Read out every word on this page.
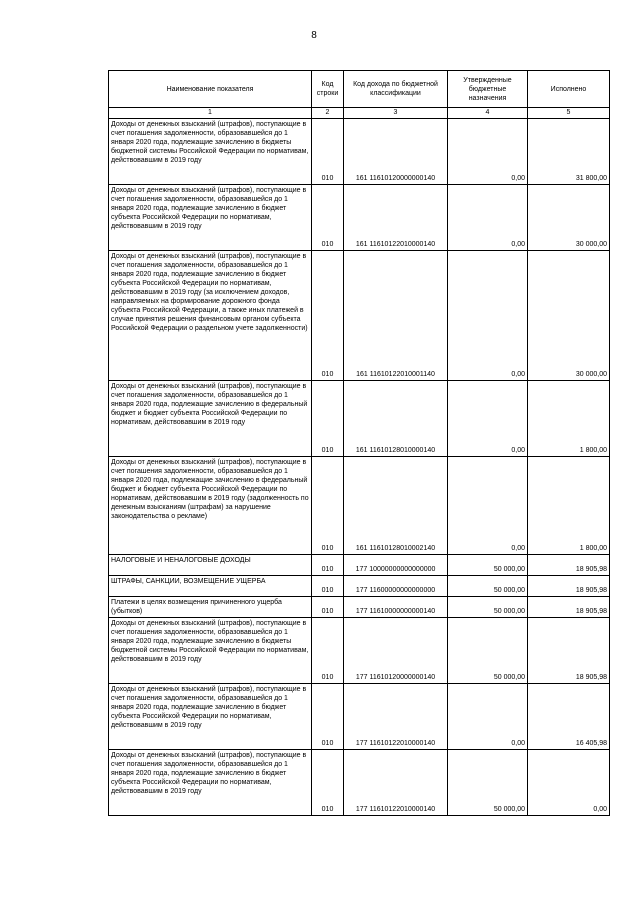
8
Наименование показателя	Код строки	Код дохода по бюджетной классификации	Утвержденные бюджетные назначения	Исполнено
1	2	3	4	5
Доходы от денежных взысканий (штрафов), поступающие в счет погашения задолженности, образовавшейся до 1 января 2020 года, подлежащие зачислению в бюджеты бюджетной системы Российской Федерации по нормативам, действовавшим в 2019 году	010	161 11610120000000140	0,00	31 800,00
Доходы от денежных взысканий (штрафов), поступающие в счет погашения задолженности, образовавшейся до 1 января 2020 года, подлежащие зачислению в бюджет субъекта Российской Федерации по нормативам, действовавшим в 2019 году	010	161 11610122010000140	0,00	30 000,00
Доходы от денежных взысканий (штрафов), поступающие в счет погашения задолженности, образовавшейся до 1 января 2020 года, подлежащие зачислению в бюджет субъекта Российской Федерации по нормативам, действовавшим в 2019 году (за исключением доходов, направляемых на формирование дорожного фонда субъекта Российской Федерации, а также иных платежей в случае принятия решения финансовым органом субъекта Российской Федерации о раздельном учете задолженности)	010	161 11610122010001140	0,00	30 000,00
Доходы от денежных взысканий (штрафов), поступающие в счет погашения задолженности, образовавшейся до 1 января 2020 года, подлежащие зачислению в федеральный бюджет и бюджет субъекта Российской Федерации по нормативам, действовавшим в 2019 году	010	161 11610128010000140	0,00	1 800,00
Доходы от денежных взысканий (штрафов), поступающие в счет погашения задолженности, образовавшейся до 1 января 2020 года, подлежащие зачислению в федеральный бюджет и бюджет субъекта Российской Федерации по нормативам, действовавшим в 2019 году (задолженность по денежным взысканиям (штрафам) за нарушение законодательства о рекламе)	010	161 11610128010002140	0,00	1 800,00
НАЛОГОВЫЕ И НЕНАЛОГОВЫЕ ДОХОДЫ	010	177 10000000000000000	50 000,00	18 905,98
ШТРАФЫ, САНКЦИИ, ВОЗМЕЩЕНИЕ УЩЕРБА	010	177 11600000000000000	50 000,00	18 905,98
Платежи в целях возмещения причиненного ущерба (убытков)	010	177 11610000000000140	50 000,00	18 905,98
Доходы от денежных взысканий (штрафов), поступающие в счет погашения задолженности, образовавшейся до 1 января 2020 года, подлежащие зачислению в бюджеты бюджетной системы Российской Федерации по нормативам, действовавшим в 2019 году	010	177 11610120000000140	50 000,00	18 905,98
Доходы от денежных взысканий (штрафов), поступающие в счет погашения задолженности, образовавшейся до 1 января 2020 года, подлежащие зачислению в бюджет субъекта Российской Федерации по нормативам, действовавшим в 2019 году	010	177 11610122010000140	0,00	16 405,98
Доходы от денежных взысканий (штрафов), поступающие в счет погашения задолженности, образовавшейся до 1 января 2020 года, подлежащие зачислению в бюджет субъекта Российской Федерации по нормативам, действовавшим в 2019 году	010	177 11610122010000140	50 000,00	0,00
